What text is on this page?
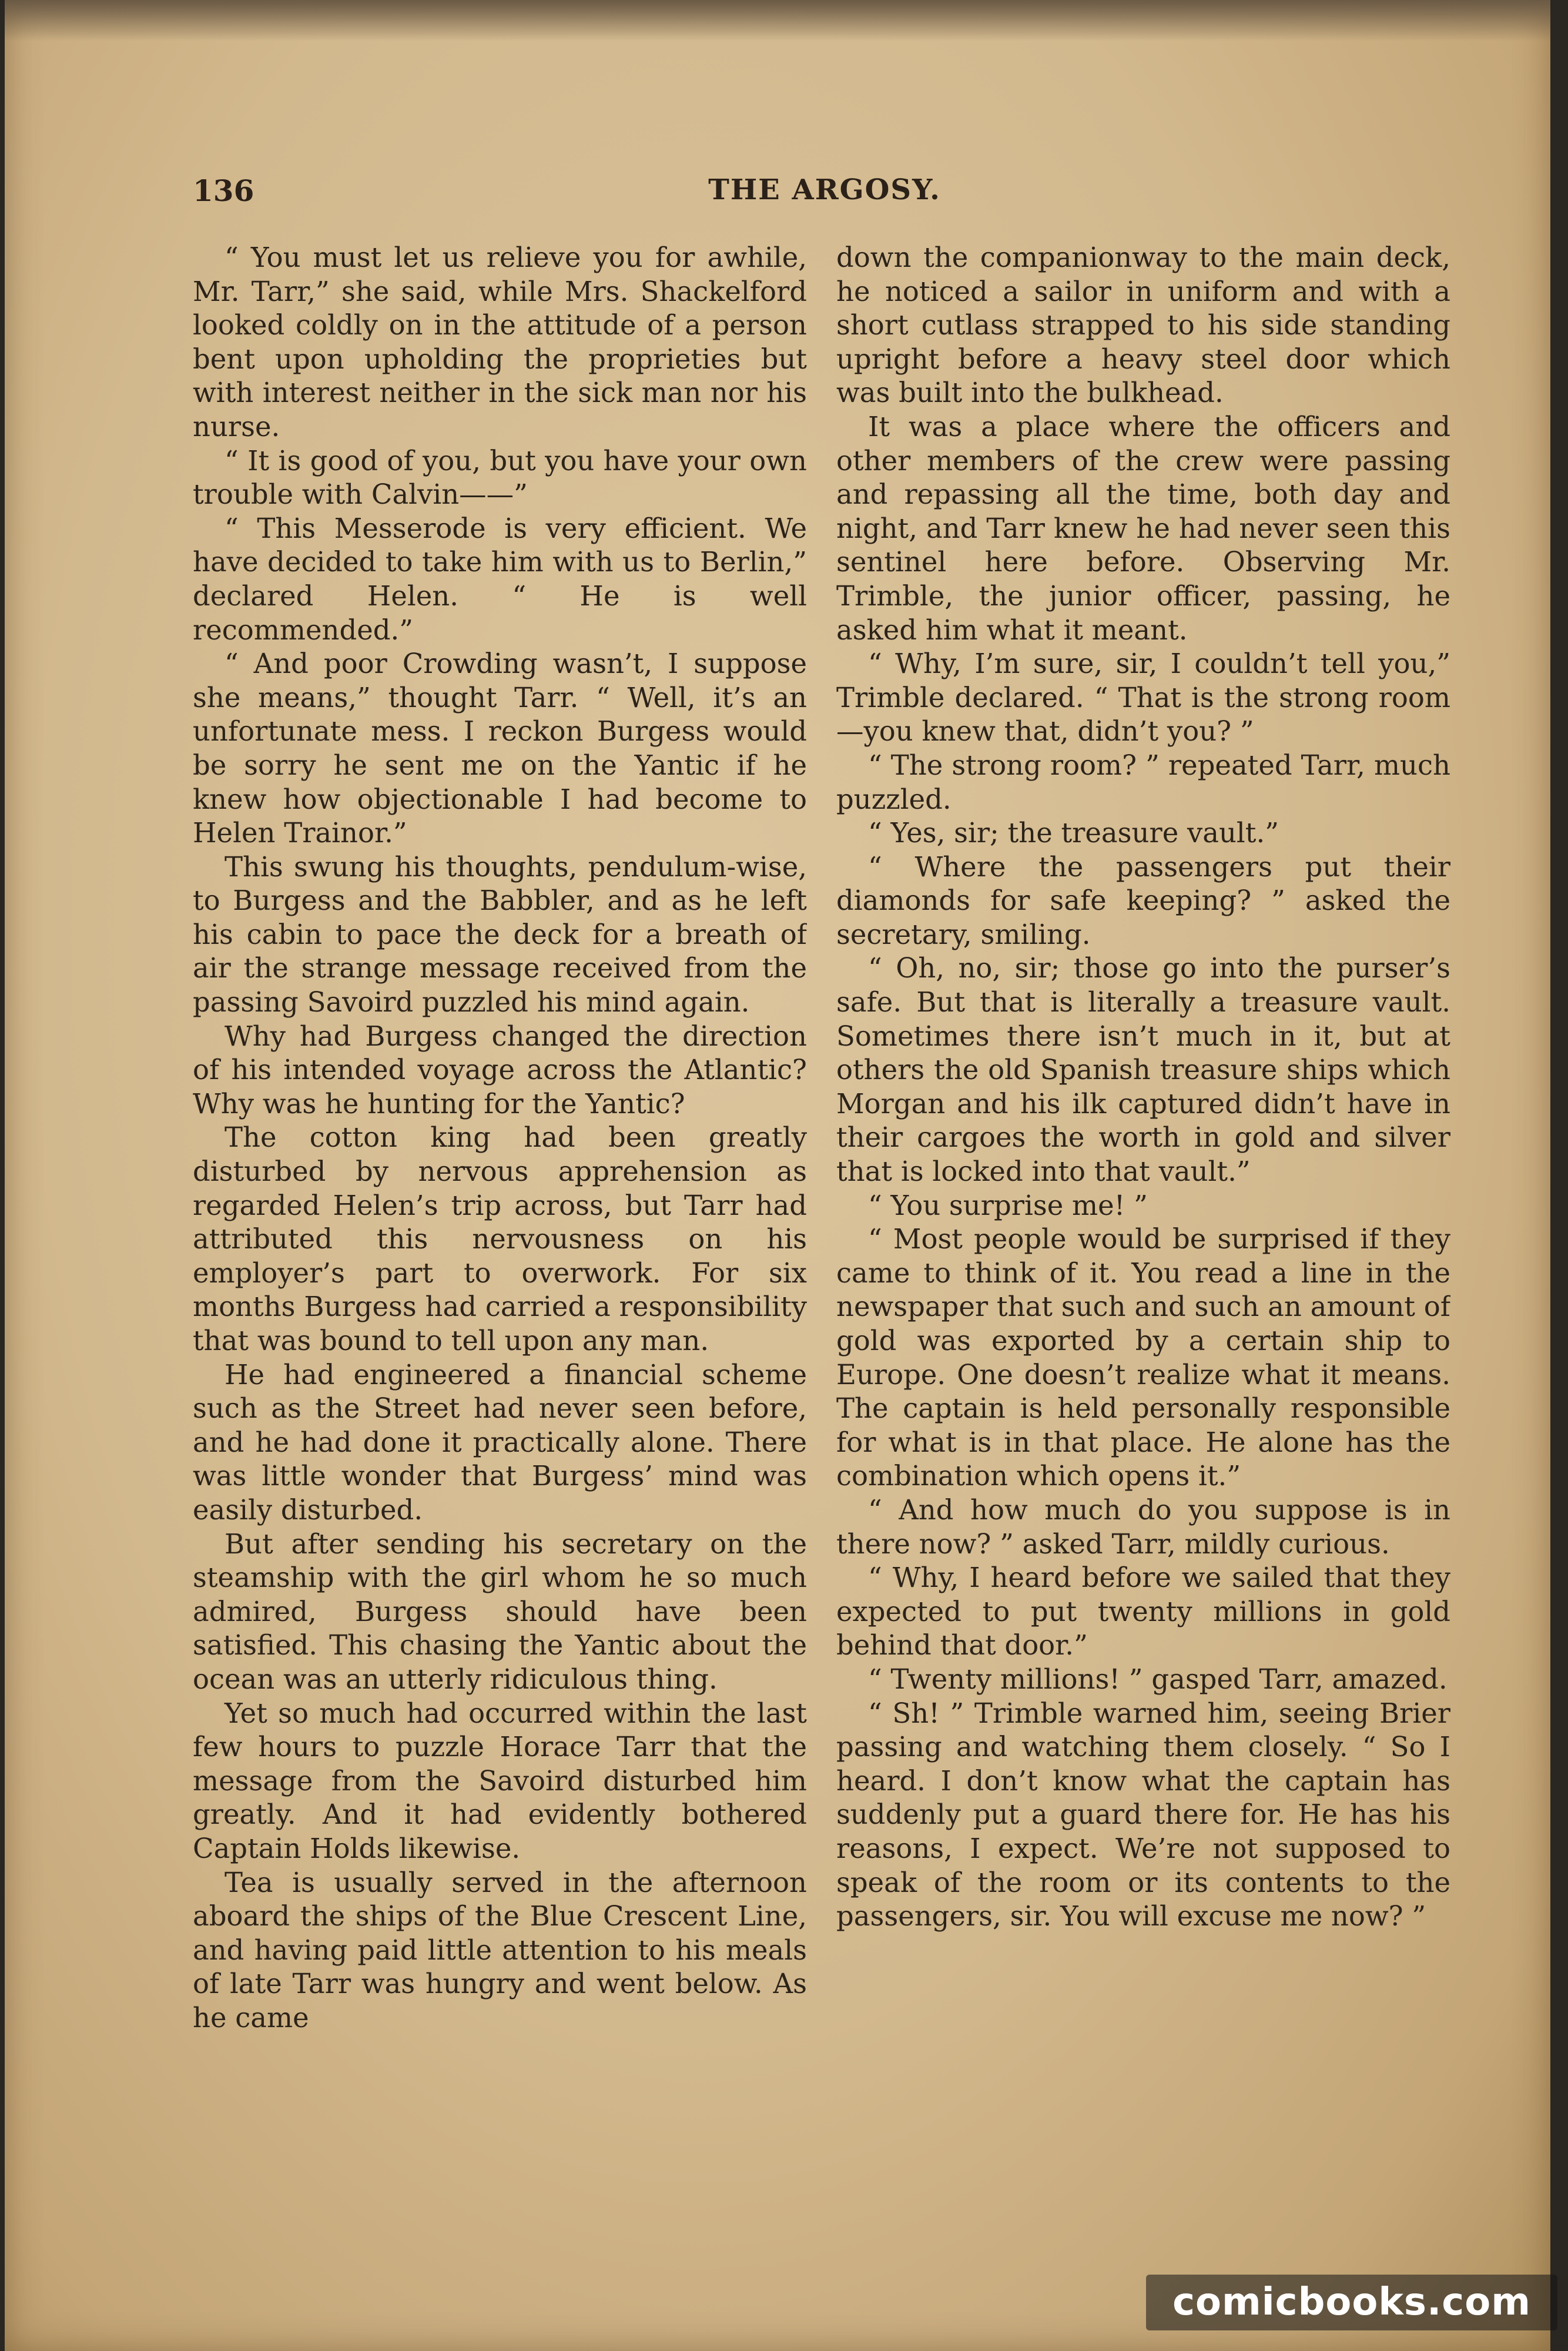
136	THE ARGOSY.

“ You must let us relieve you for awhile, Mr. Tarr,” she said, while Mrs. Shackelford looked coldly on in the attitude of a person bent upon upholding the proprieties but with interest neither in the sick man nor his nurse.

“ It is good of you, but you have your own trouble with Calvin——”

“ This Messerode is very efficient. We have decided to take him with us to Berlin,” declared Helen. “ He is well recommended.”

“ And poor Crowding wasn’t, I suppose she means,” thought Tarr. “ Well, it’s an unfortunate mess. I reckon Burgess would be sorry he sent me on the Yantic if he knew how objectionable I had become to Helen Trainor.”

This swung his thoughts, pendulum-wise, to Burgess and the Babbler, and as he left his cabin to pace the deck for a breath of air the strange message received from the passing Savoird puzzled his mind again.

Why had Burgess changed the direction of his intended voyage across the Atlantic? Why was he hunting for the Yantic?

The cotton king had been greatly disturbed by nervous apprehension as regarded Helen’s trip across, but Tarr had attributed this nervousness on his employer’s part to overwork. For six months Burgess had carried a responsibility that was bound to tell upon any man.

He had engineered a financial scheme such as the Street had never seen before, and he had done it practically alone. There was little wonder that Burgess’ mind was easily disturbed.

But after sending his secretary on the steamship with the girl whom he so much admired, Burgess should have been satisfied. This chasing the Yantic about the ocean was an utterly ridiculous thing.

Yet so much had occurred within the last few hours to puzzle Horace Tarr that the message from the Savoird disturbed him greatly. And it had evidently bothered Captain Holds likewise.

Tea is usually served in the afternoon aboard the ships of the Blue Crescent Line, and having paid little attention to his meals of late Tarr was hungry and went below. As he came

down the companionway to the main deck, he noticed a sailor in uniform and with a short cutlass strapped to his side standing upright before a heavy steel door which was built into the bulkhead.

It was a place where the officers and other members of the crew were passing and repassing all the time, both day and night, and Tarr knew he had never seen this sentinel here before. Observing Mr. Trimble, the junior officer, passing, he asked him what it meant.

“ Why, I’m sure, sir, I couldn’t tell you,” Trimble declared. “ That is the strong room—you knew that, didn’t you? ”

“ The strong room? ” repeated Tarr, much puzzled.

“ Yes, sir; the treasure vault.”

“ Where the passengers put their diamonds for safe keeping? ” asked the secretary, smiling.

“ Oh, no, sir; those go into the purser’s safe. But that is literally a treasure vault. Sometimes there isn’t much in it, but at others the old Spanish treasure ships which Morgan and his ilk captured didn’t have in their cargoes the worth in gold and silver that is locked into that vault.”

“ You surprise me! ”

“ Most people would be surprised if they came to think of it. You read a line in the newspaper that such and such an amount of gold was exported by a certain ship to Europe. One doesn’t realize what it means. The captain is held personally responsible for what is in that place. He alone has the combination which opens it.”

“ And how much do you suppose is in there now? ” asked Tarr, mildly curious.

“ Why, I heard before we sailed that they expected to put twenty millions in gold behind that door.”

“ Twenty millions! ” gasped Tarr, amazed.

“ Sh! ” Trimble warned him, seeing Brier passing and watching them closely. “ So I heard. I don’t know what the captain has suddenly put a guard there for. He has his reasons, I expect. We’re not supposed to speak of the room or its contents to the passengers, sir. You will excuse me now? ”

comicbooks.com
